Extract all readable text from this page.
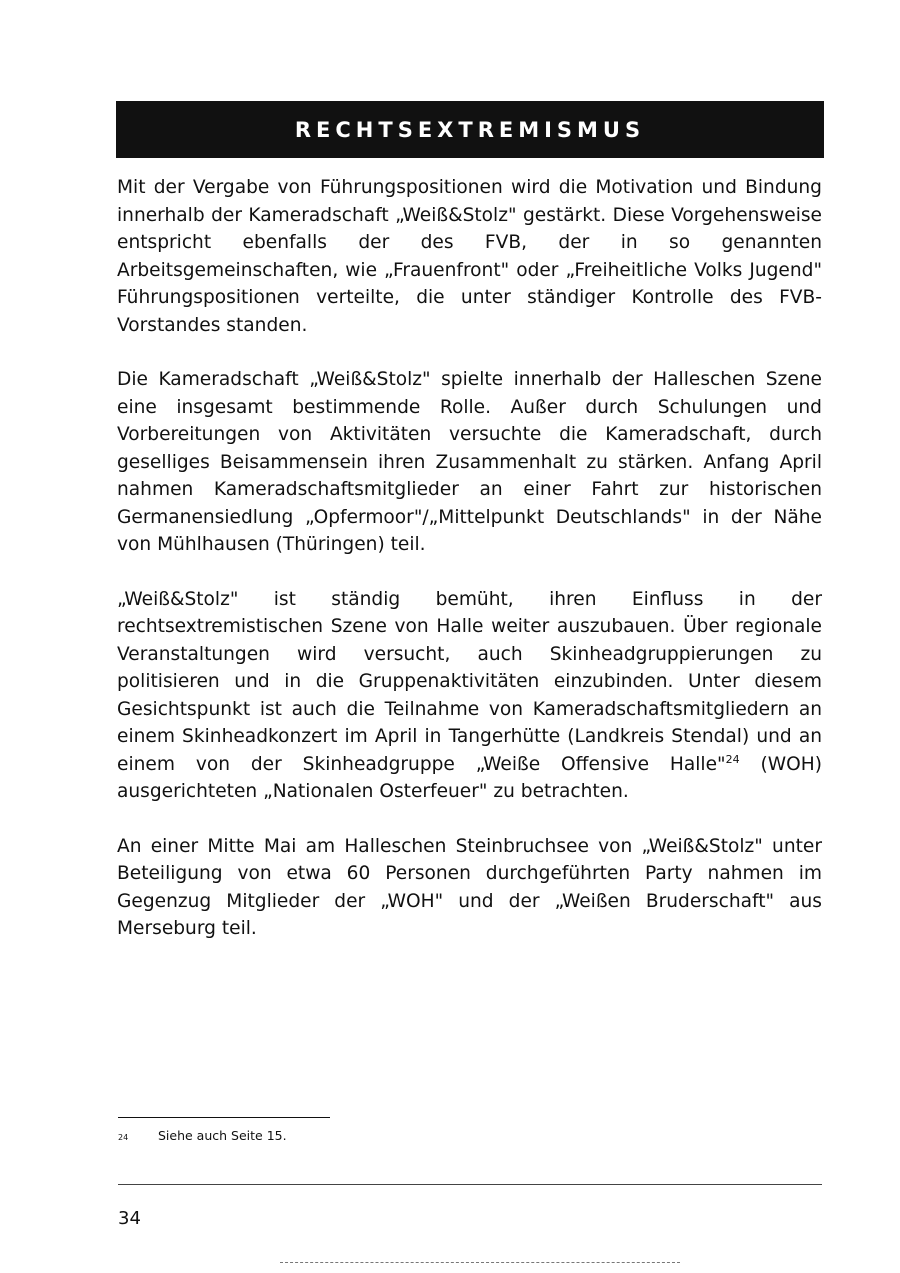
RECHTSEXTREMISMUS

Mit der Vergabe von Führungspositionen wird die Motivation und Bindung innerhalb der Kameradschaft „Weiß&Stolz" gestärkt. Diese Vorgehensweise entspricht ebenfalls der des FVB, der in so genannten Arbeitsgemeinschaften, wie „Frauenfront" oder „Freiheitliche Volks Jugend" Führungspositionen verteilte, die unter ständiger Kontrolle des FVB-Vorstandes standen.

Die Kameradschaft „Weiß&Stolz" spielte innerhalb der Halleschen Szene eine insgesamt bestimmende Rolle. Außer durch Schulungen und Vorbereitungen von Aktivitäten versuchte die Kameradschaft, durch geselliges Beisammensein ihren Zusammenhalt zu stärken. Anfang April nahmen Kameradschaftsmitglieder an einer Fahrt zur historischen Germanensiedlung „Opfermoor"/„Mittelpunkt Deutschlands" in der Nähe von Mühlhausen (Thüringen) teil.

„Weiß&Stolz" ist ständig bemüht, ihren Einfluss in der rechtsextremistischen Szene von Halle weiter auszubauen. Über regionale Veranstaltungen wird versucht, auch Skinheadgruppierungen zu politisieren und in die Gruppenaktivitäten einzubinden. Unter diesem Gesichtspunkt ist auch die Teilnahme von Kameradschaftsmitgliedern an einem Skinheadkonzert im April in Tangerhütte (Landkreis Stendal) und an einem von der Skinheadgruppe „Weiße Offensive Halle"$^{24}$ (WOH) ausgerichteten „Nationalen Osterfeuer" zu betrachten.

An einer Mitte Mai am Halleschen Steinbruchsee von „Weiß&Stolz" unter Beteiligung von etwa 60 Personen durchgeführten Party nahmen im Gegenzug Mitglieder der „WOH" und der „Weißen Bruderschaft" aus Merseburg teil.

24	Siehe auch Seite 15.
34
